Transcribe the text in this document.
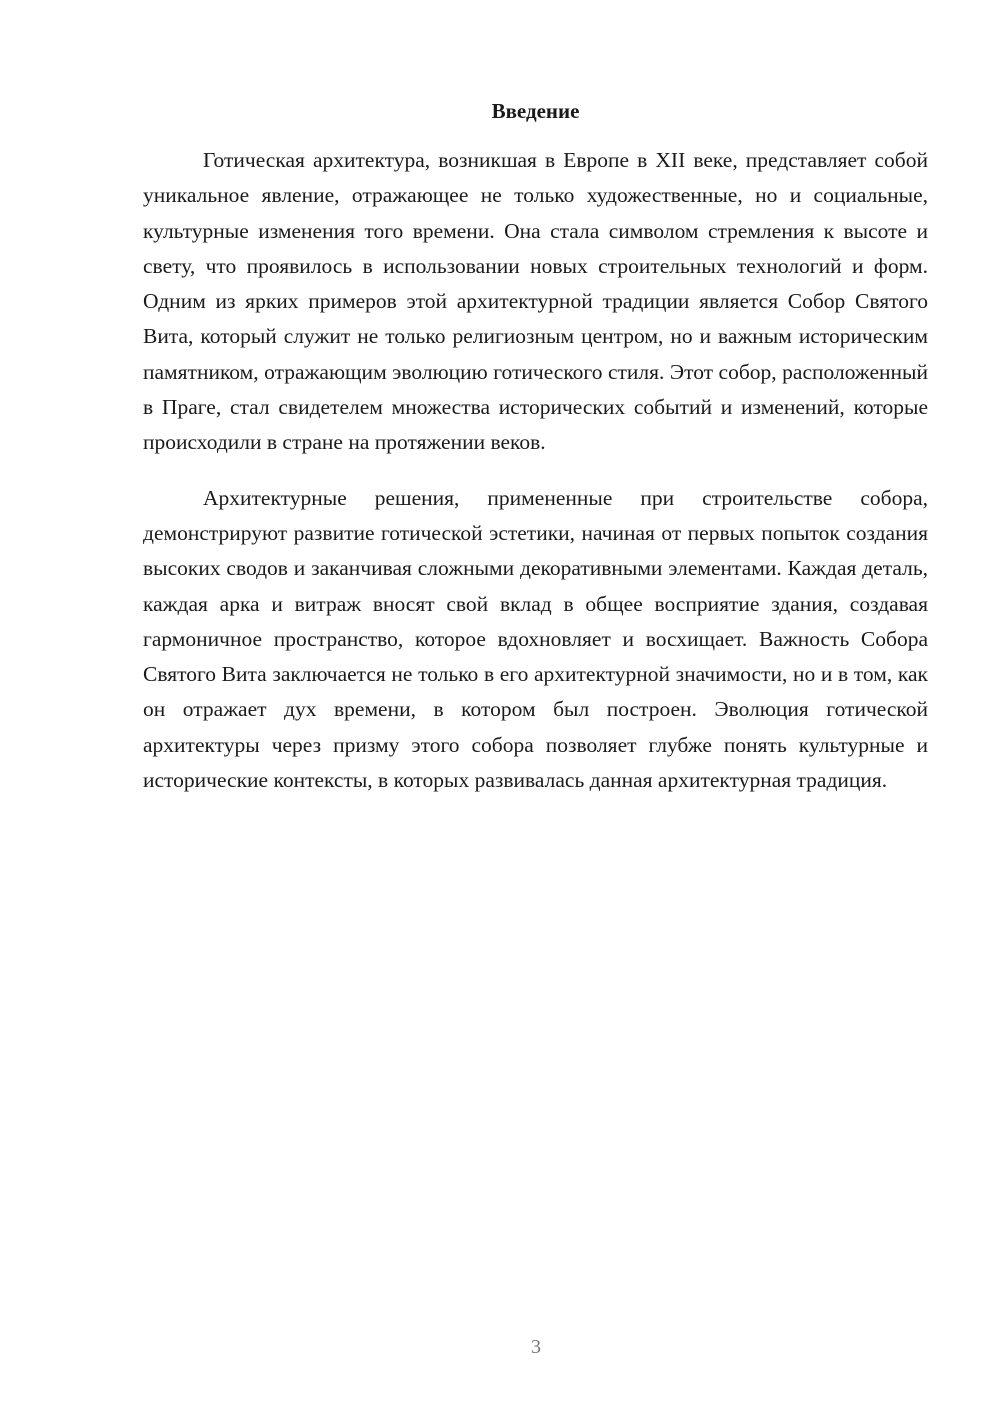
Введение

Готическая архитектура, возникшая в Европе в XII веке, представляет собой уникальное явление, отражающее не только художественные, но и социальные, культурные изменения того времени. Она стала символом стремления к высоте и свету, что проявилось в использовании новых строительных технологий и форм. Одним из ярких примеров этой архитектурной традиции является Собор Святого Вита, который служит не только религиозным центром, но и важным историческим памятником, отражающим эволюцию готического стиля. Этот собор, расположенный в Праге, стал свидетелем множества исторических событий и изменений, которые происходили в стране на протяжении веков.

Архитектурные решения, примененные при строительстве собора, демонстрируют развитие готической эстетики, начиная от первых попыток создания высоких сводов и заканчивая сложными декоративными элементами. Каждая деталь, каждая арка и витраж вносят свой вклад в общее восприятие здания, создавая гармоничное пространство, которое вдохновляет и восхищает. Важность Собора Святого Вита заключается не только в его архитектурной значимости, но и в том, как он отражает дух времени, в котором был построен. Эволюция готической архитектуры через призму этого собора позволяет глубже понять культурные и исторические контексты, в которых развивалась данная архитектурная традиция.

3
